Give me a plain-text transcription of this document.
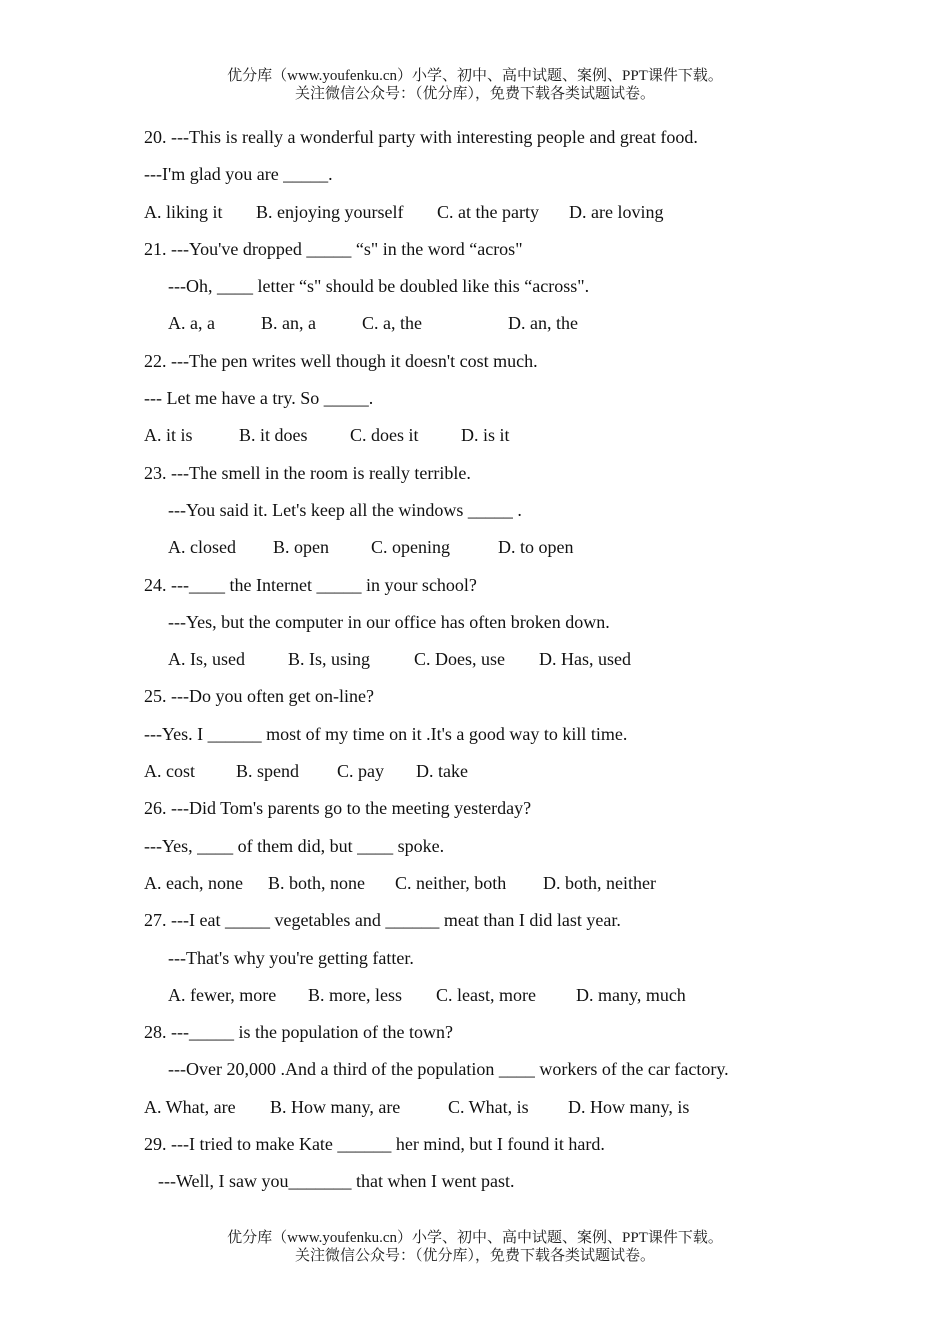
优分库（www.youfenku.cn）小学、初中、高中试题、案例、PPT课件下载。
关注微信公众号：（优分库），免费下载各类试题试卷。
20. ---This is really a wonderful party with interesting people and great food.
---I'm glad you are _____.
A. liking it	B. enjoying yourself	C. at the party	D. are loving
21. ---You've dropped _____ “s" in the word “acros"
---Oh, ____ letter “s" should be doubled like this “across".
A. a, a	B. an, a	C. a, the	D. an, the
22. ---The pen writes well though it doesn't cost much.
--- Let me have a try. So _____.
A. it is	B. it does	C. does it	D. is it
23. ---The smell in the room is really terrible.
---You said it. Let's keep all the windows _____ .
A. closed	B. open	C. opening	D. to open
24. ---____ the Internet _____ in your school?
---Yes, but the computer in our office has often broken down.
A. Is, used	B. Is, using	C. Does, use	D. Has, used
25. ---Do you often get on-line?
---Yes. I ______ most of my time on it .It's a good way to kill time.
A. cost	B. spend	C. pay	D. take
26. ---Did Tom's parents go to the meeting yesterday?
---Yes, ____ of them did, but ____ spoke.
A. each, none	B. both, none	C. neither, both	D. both, neither
27. ---I eat _____ vegetables and ______ meat than I did last year.
---That's why you're getting fatter.
A. fewer, more	B. more, less	C. least, more	D. many, much
28. ---_____ is the population of the town?
---Over 20,000 .And a third of the population ____ workers of the car factory.
A. What, are	B. How many, are	C. What, is	D. How many, is
29. ---I tried to make Kate ______ her mind, but I found it hard.
---Well, I saw you_______ that when I went past.
优分库（www.youfenku.cn）小学、初中、高中试题、案例、PPT课件下载。
关注微信公众号：（优分库），免费下载各类试题试卷。
